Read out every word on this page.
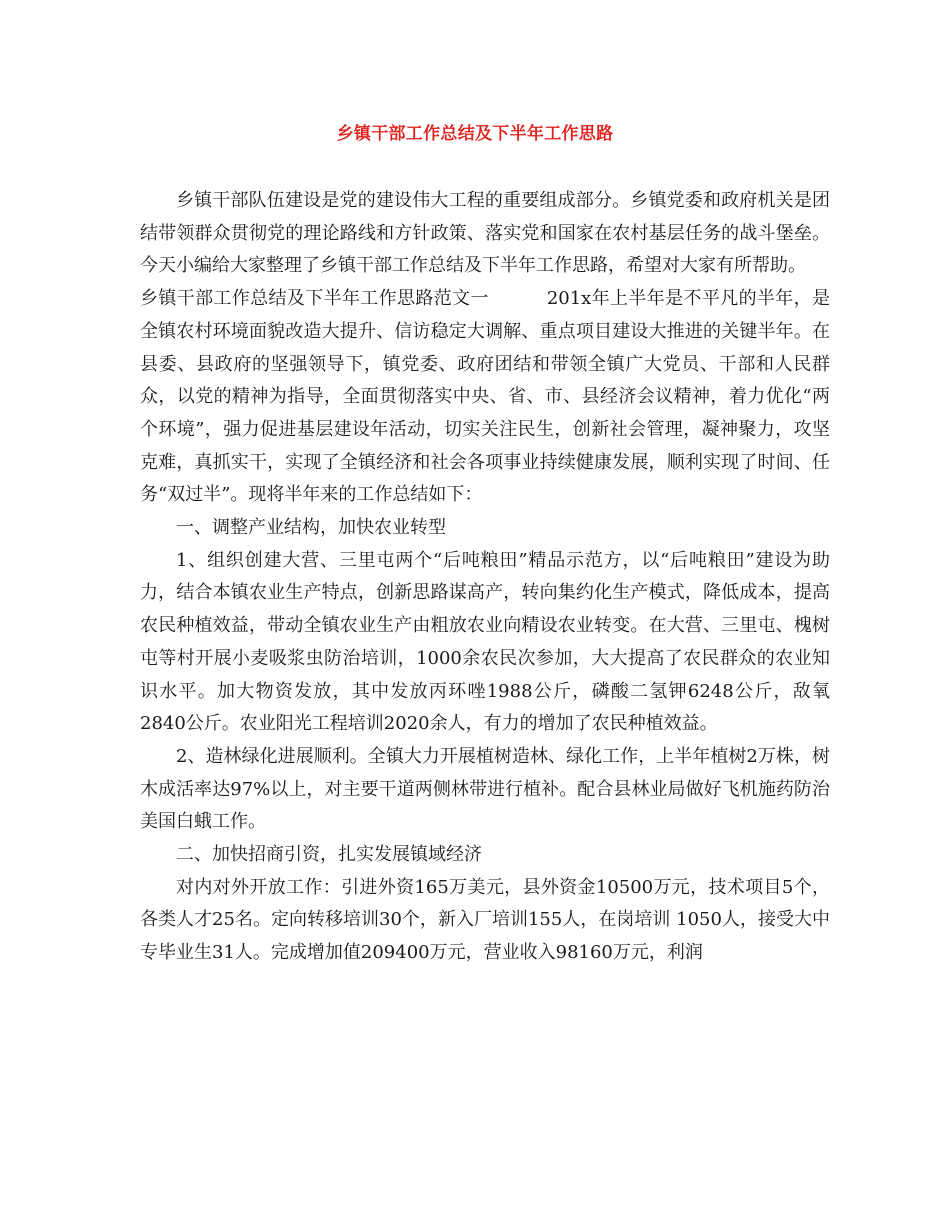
乡镇干部工作总结及下半年工作思路

乡镇干部队伍建设是党的建设伟大工程的重要组成部分。乡镇党委和政府机关是团结带领群众贯彻党的理论路线和方针政策、落实党和国家在农村基层任务的战斗堡垒。今天小编给大家整理了乡镇干部工作总结及下半年工作思路，希望对大家有所帮助。

乡镇干部工作总结及下半年工作思路范文一	201x年上半年是不平凡的半年，是全镇农村环境面貌改造大提升、信访稳定大调解、重点项目建设大推进的关键半年。在县委、县政府的坚强领导下，镇党委、政府团结和带领全镇广大党员、干部和人民群众，以党的精神为指导，全面贯彻落实中央、省、市、县经济会议精神，着力优化“两个环境”，强力促进基层建设年活动，切实关注民生，创新社会管理，凝神聚力，攻坚克难，真抓实干，实现了全镇经济和社会各项事业持续健康发展，顺利实现了时间、任务“双过半”。现将半年来的工作总结如下：

一、调整产业结构，加快农业转型

1、组织创建大营、三里屯两个“后吨粮田”精品示范方，以“后吨粮田”建设为助力，结合本镇农业生产特点，创新思路谋高产，转向集约化生产模式，降低成本，提高农民种植效益，带动全镇农业生产由粗放农业向精设农业转变。在大营、三里屯、槐树屯等村开展小麦吸浆虫防治培训，1000余农民次参加，大大提高了农民群众的农业知识水平。加大物资发放，其中发放丙环唑1988公斤，磷酸二氢钾6248公斤，敌氧2840公斤。农业阳光工程培训2020余人，有力的增加了农民种植效益。

2、造林绿化进展顺利。全镇大力开展植树造林、绿化工作，上半年植树2万株，树木成活率达97%以上，对主要干道两侧林带进行植补。配合县林业局做好飞机施药防治美国白蛾工作。

二、加快招商引资，扎实发展镇域经济

对内对外开放工作：引进外资165万美元，县外资金10500万元，技术项目5个，各类人才25名。定向转移培训30个，新入厂培训155人，在岗培训 1050人，接受大中专毕业生31人。完成增加值209400万元，营业收入98160万元，利润
